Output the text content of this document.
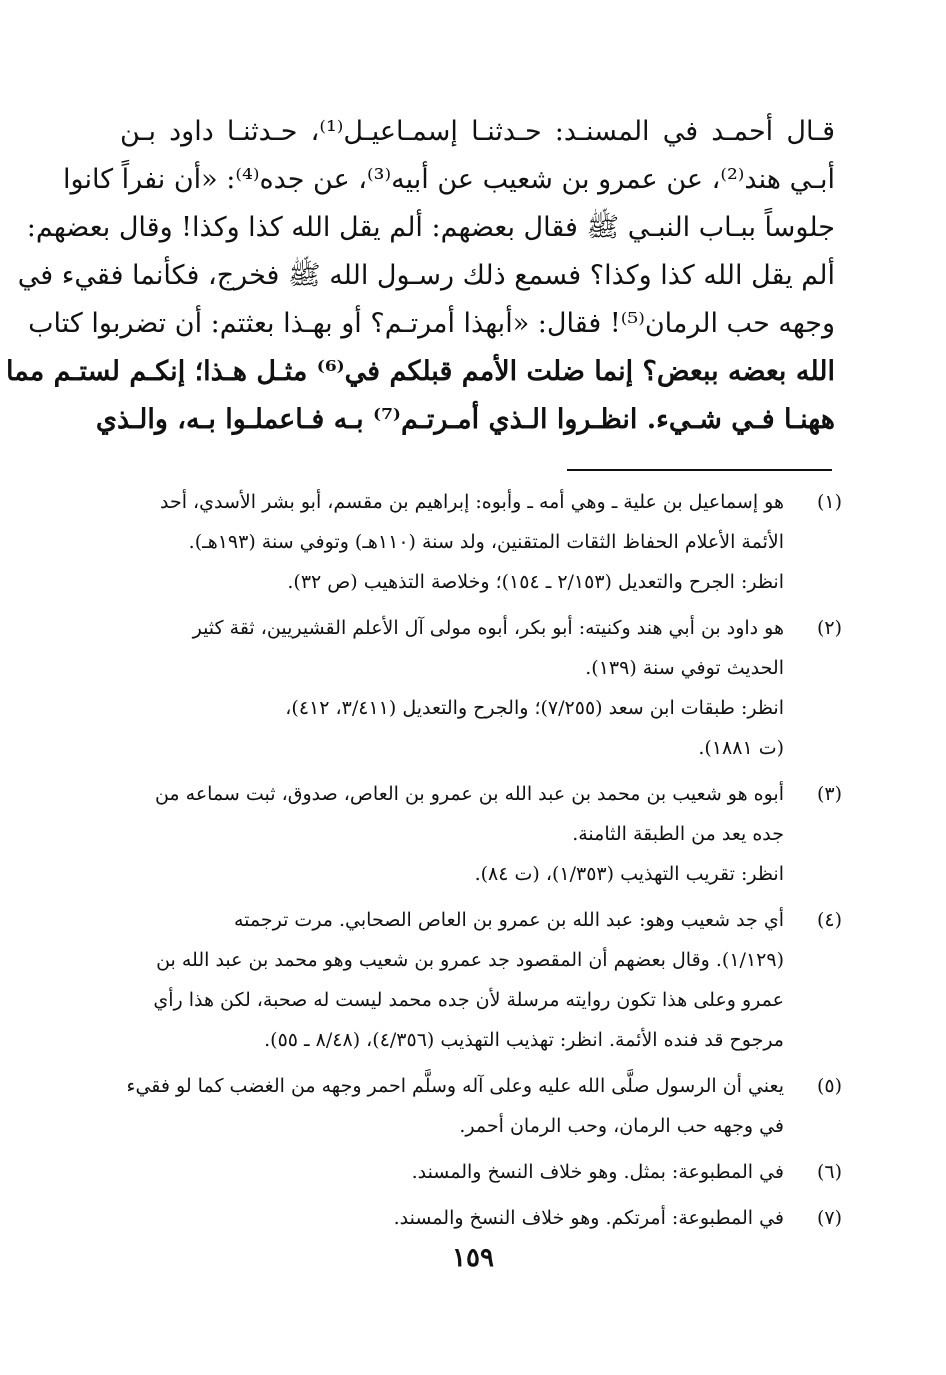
قـال أحمـد في المسنـد: حـدثنـا إسمـاعيـل⁽¹⁾، حـدثنـا داود بـن
أبـي هند⁽²⁾، عن عمرو بن شعيب عن أبيه⁽³⁾، عن جده⁽⁴⁾: «أن نفراً كانوا
جلوساً ببـاب النبـي ﷺ فقال بعضهم: ألم يقل الله كذا وكذا! وقال بعضهم:
ألم يقل الله كذا وكذا؟ فسمع ذلك رسـول الله ﷺ فخرج، فكأنما فقيء في
وجهه حب الرمان⁽⁵⁾! فقال: «أبهذا أمرتـم؟ أو بهـذا بعثتم: أن تضربوا كتاب
الله بعضه ببعض؟ إنما ضلت الأمم قبلكم في⁽⁶⁾ مثـل هـذا؛ إنكـم لستـم مما
ههنـا فـي شـيء. انظـروا الـذي أمـرتـم⁽⁷⁾ بـه فـاعملـوا بـه، والـذي
(١)
هو إسماعيل بن علية ـ وهي أمه ـ وأبوه: إبراهيم بن مقسم، أبو بشر الأسدي، أحد
الأئمة الأعلام الحفاظ الثقات المتقنين، ولد سنة (١١٠هـ) وتوفي سنة (١٩٣هـ).
انظر: الجرح والتعديل (٢/١٥٣ ـ ١٥٤)؛ وخلاصة التذهيب (ص ٣٢).
(٢)
هو داود بن أبي هند وكنيته: أبو بكر، أبوه مولى آل الأعلم القشيريين، ثقة كثير
الحديث توفي سنة (١٣٩).
انظر: طبقات ابن سعد (٧/٢٥٥)؛ والجرح والتعديل (٣/٤١١، ٤١٢)،
(ت ١٨٨١).
(٣)
أبوه هو شعيب بن محمد بن عبد الله بن عمرو بن العاص، صدوق، ثبت سماعه من
جده يعد من الطبقة الثامنة.
انظر: تقريب التهذيب (١/٣٥٣)، (ت ٨٤).
(٤)
أي جد شعيب وهو: عبد الله بن عمرو بن العاص الصحابي. مرت ترجمته
(١/١٢٩). وقال بعضهم أن المقصود جد عمرو بن شعيب وهو محمد بن عبد الله بن
عمرو وعلى هذا تكون روايته مرسلة لأن جده محمد ليست له صحبة، لكن هذا رأي
مرجوح قد فنده الأئمة. انظر: تهذيب التهذيب (٤/٣٥٦)، (٨/٤٨ ـ ٥٥).
(٥)
يعني أن الرسول صلَّى الله عليه وعلى آله وسلَّم احمر وجهه من الغضب كما لو فقيء
في وجهه حب الرمان، وحب الرمان أحمر.
(٦)
في المطبوعة: بمثل. وهو خلاف النسخ والمسند.
(٧)
في المطبوعة: أمرتكم. وهو خلاف النسخ والمسند.
١٥٩
